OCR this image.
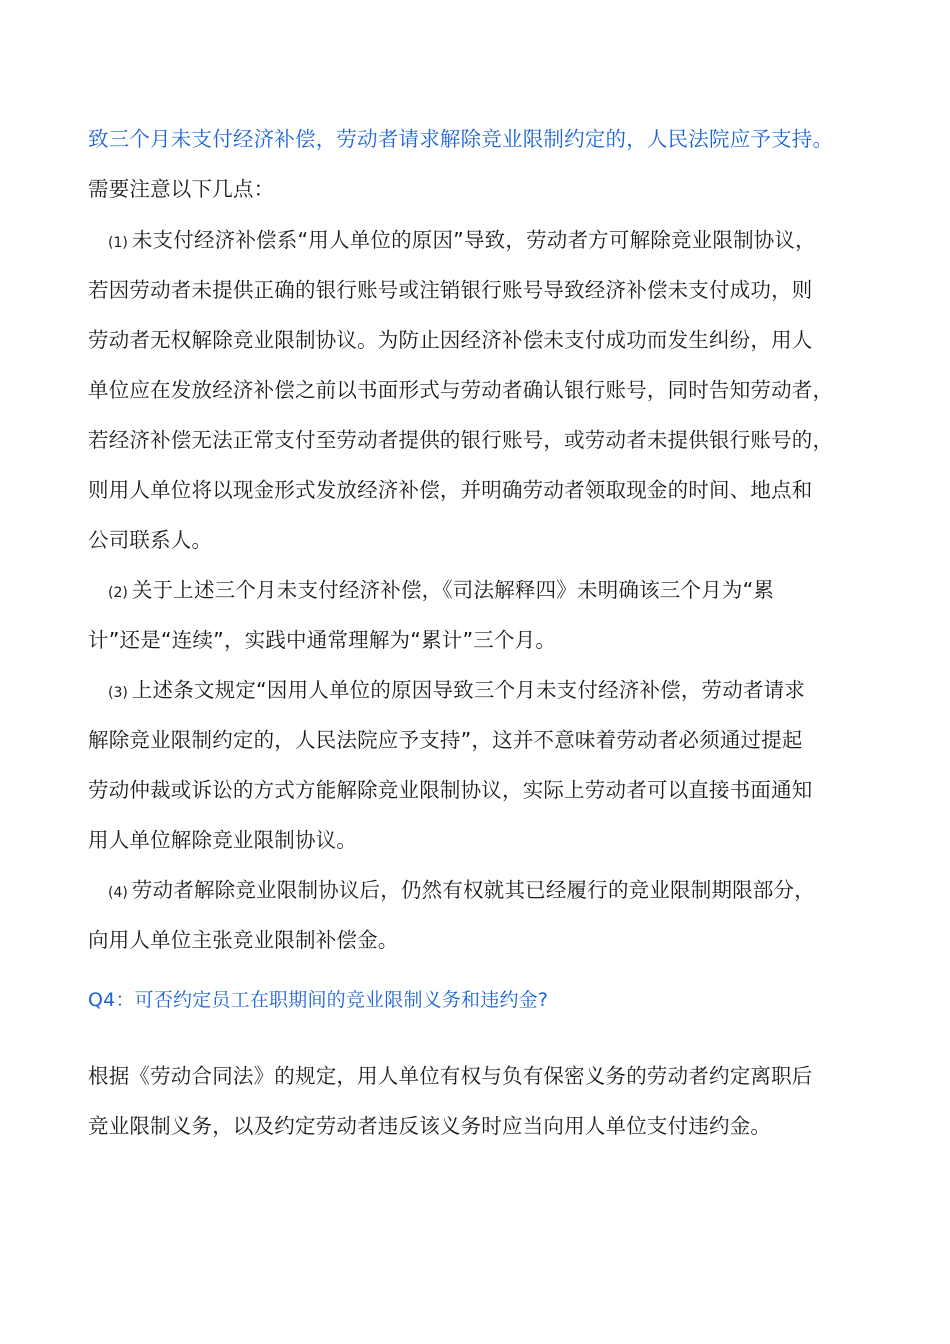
致三个月未支付经济补偿，劳动者请求解除竞业限制约定的，人民法院应予支持。
需要注意以下几点：
(1) 未支付经济补偿系“用人单位的原因”导致，劳动者方可解除竞业限制协议，
若因劳动者未提供正确的银行账号或注销银行账号导致经济补偿未支付成功，则
劳动者无权解除竞业限制协议。为防止因经济补偿未支付成功而发生纠纷，用人
单位应在发放经济补偿之前以书面形式与劳动者确认银行账号，同时告知劳动者，
若经济补偿无法正常支付至劳动者提供的银行账号，或劳动者未提供银行账号的，
则用人单位将以现金形式发放经济补偿，并明确劳动者领取现金的时间、地点和
公司联系人。
(2) 关于上述三个月未支付经济补偿，《司法解释四》未明确该三个月为“累
计”还是“连续”，实践中通常理解为“累计”三个月。
(3) 上述条文规定“因用人单位的原因导致三个月未支付经济补偿，劳动者请求
解除竞业限制约定的，人民法院应予支持”，这并不意味着劳动者必须通过提起
劳动仲裁或诉讼的方式方能解除竞业限制协议，实际上劳动者可以直接书面通知
用人单位解除竞业限制协议。
(4) 劳动者解除竞业限制协议后，仍然有权就其已经履行的竞业限制期限部分，
向用人单位主张竞业限制补偿金。
Q4：可否约定员工在职期间的竞业限制义务和违约金?
根据《劳动合同法》的规定，用人单位有权与负有保密义务的劳动者约定离职后
竞业限制义务，以及约定劳动者违反该义务时应当向用人单位支付违约金。
